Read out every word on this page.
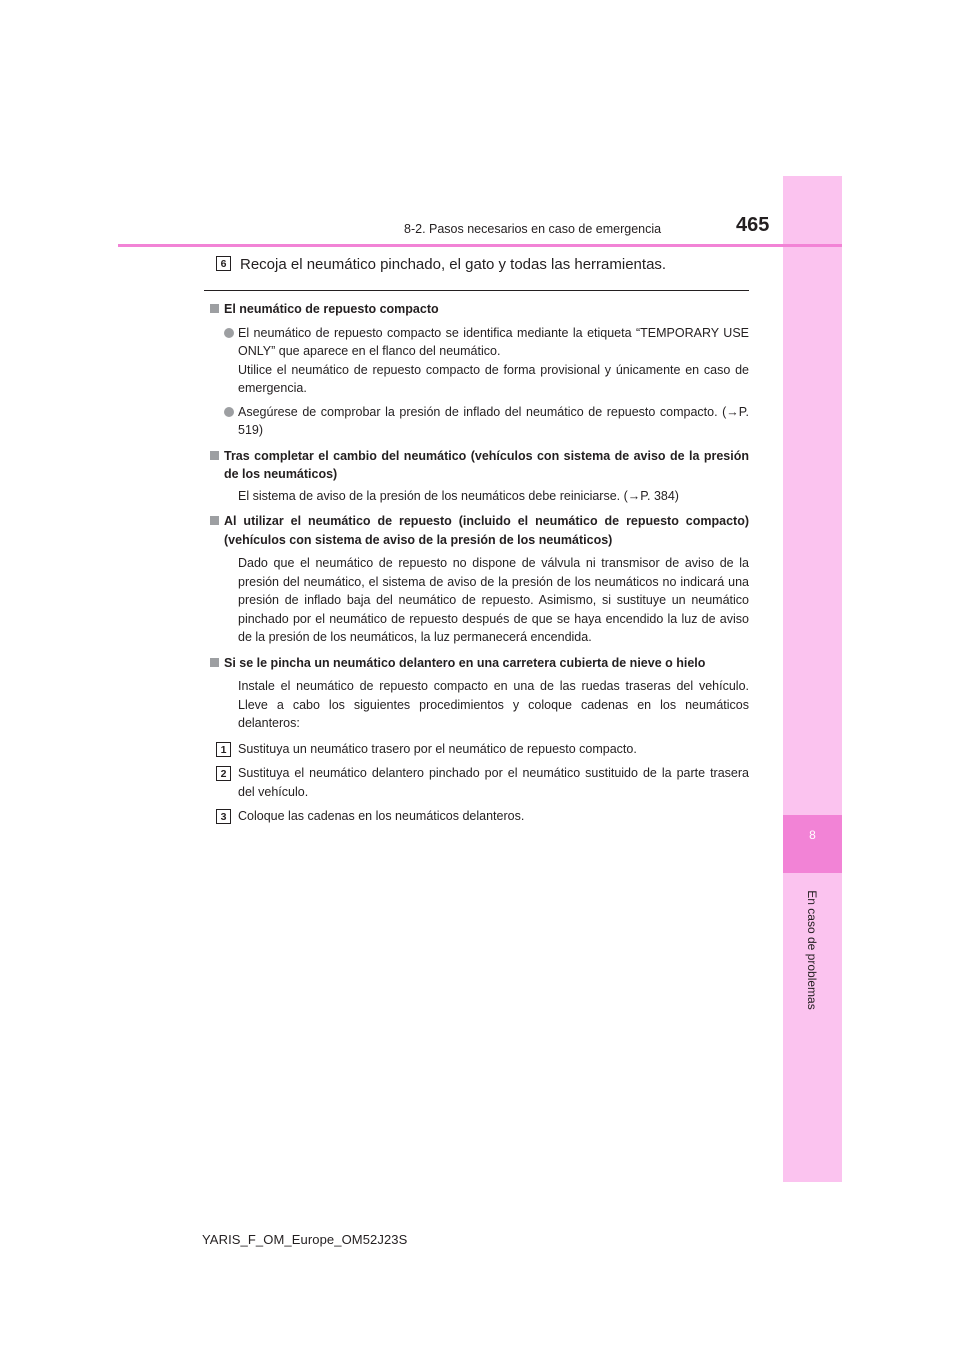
8
En caso de problemas
8-2. Pasos necesarios en caso de emergencia	465
6 Recoja el neumático pinchado, el gato y todas las herramientas.
El neumático de repuesto compacto

El neumático de repuesto compacto se identifica mediante la etiqueta “TEMPORARY USE ONLY” que aparece en el flanco del neumático.

Utilice el neumático de repuesto compacto de forma provisional y únicamente en caso de emergencia.

Asegúrese de comprobar la presión de inflado del neumático de repuesto compacto. (→P. 519)

Tras completar el cambio del neumático (vehículos con sistema de aviso de la presión de los neumáticos)
El sistema de aviso de la presión de los neumáticos debe reiniciarse. (→P. 384)
Al utilizar el neumático de repuesto (incluido el neumático de repuesto compacto) (vehículos con sistema de aviso de la presión de los neumáticos)
Dado que el neumático de repuesto no dispone de válvula ni transmisor de aviso de la presión del neumático, el sistema de aviso de la presión de los neumáticos no indicará una presión de inflado baja del neumático de repuesto. Asimismo, si sustituye un neumático pinchado por el neumático de repuesto después de que se haya encendido la luz de aviso de la presión de los neumáticos, la luz permanecerá encendida.
Si se le pincha un neumático delantero en una carretera cubierta de nieve o hielo
Instale el neumático de repuesto compacto en una de las ruedas traseras del vehículo. Lleve a cabo los siguientes procedimientos y coloque cadenas en los neumáticos delanteros:
1 Sustituya un neumático trasero por el neumático de repuesto compacto.
2 Sustituya el neumático delantero pinchado por el neumático sustituido de la parte trasera del vehículo.
3 Coloque las cadenas en los neumáticos delanteros.
YARIS_F_OM_Europe_OM52J23S
